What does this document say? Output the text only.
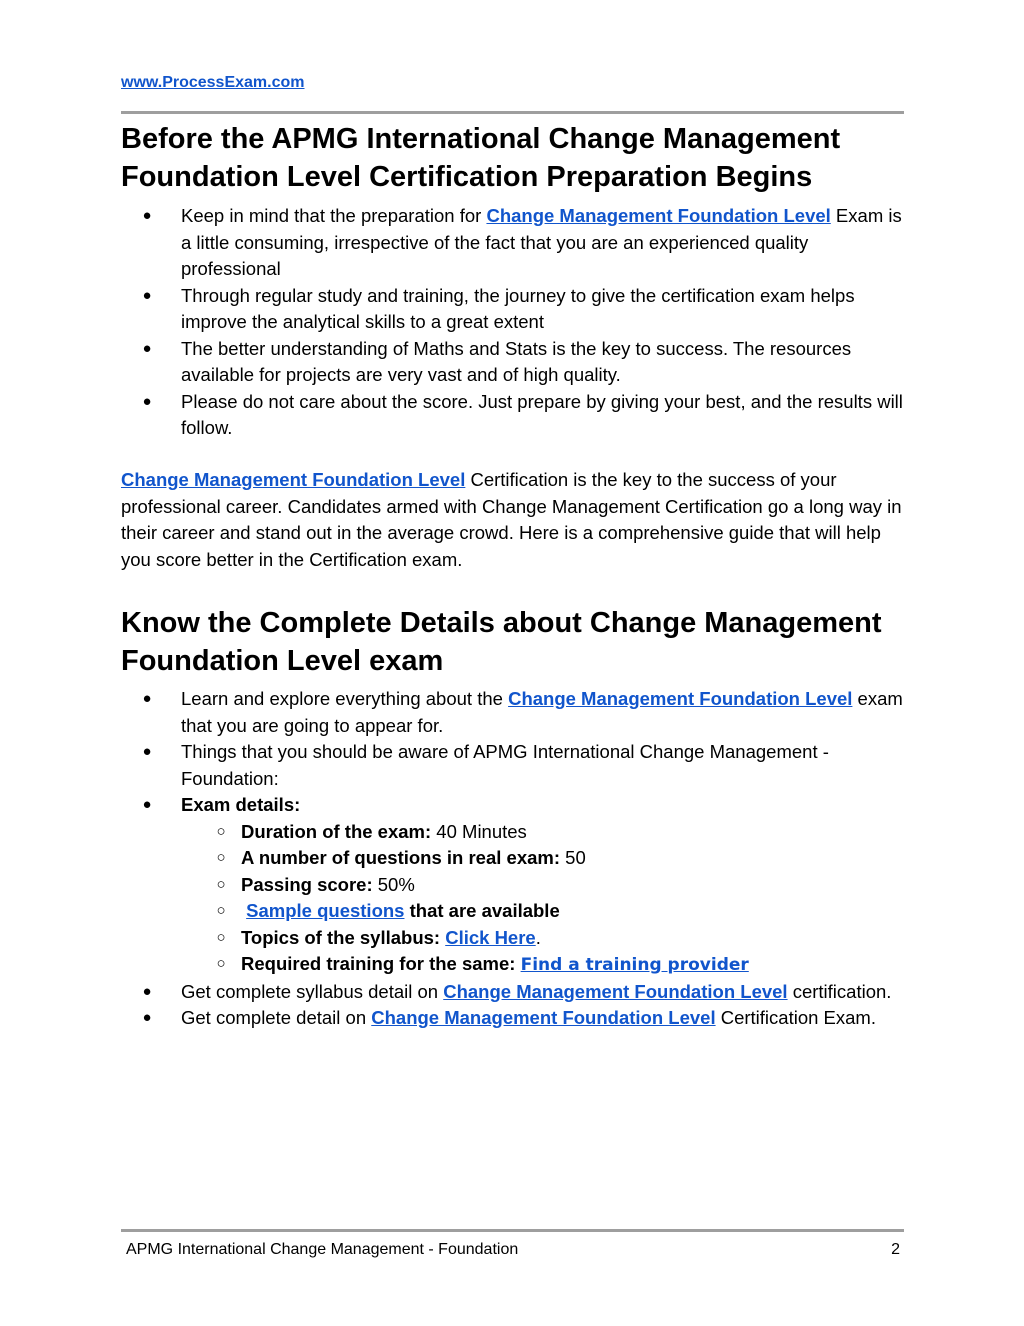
www.ProcessExam.com
Before the APMG International Change Management Foundation Level Certification Preparation Begins
● Keep in mind that the preparation for Change Management Foundation Level Exam is a little consuming, irrespective of the fact that you are an experienced quality professional
● Through regular study and training, the journey to give the certification exam helps improve the analytical skills to a great extent
● The better understanding of Maths and Stats is the key to success. The resources available for projects are very vast and of high quality.
● Please do not care about the score. Just prepare by giving your best, and the results will follow.

Change Management Foundation Level Certification is the key to the success of your professional career. Candidates armed with Change Management Certification go a long way in their career and stand out in the average crowd. Here is a comprehensive guide that will help you score better in the Certification exam.

Know the Complete Details about Change Management Foundation Level exam
● Learn and explore everything about the Change Management Foundation Level exam that you are going to appear for.
● Things that you should be aware of APMG International Change Management - Foundation:
● Exam details:
○ Duration of the exam: 40 Minutes
○ A number of questions in real exam: 50
○ Passing score: 50%
○ Sample questions that are available
○ Topics of the syllabus: Click Here.
○ Required training for the same: Find a training provider
● Get complete syllabus detail on Change Management Foundation Level certification.
● Get complete detail on Change Management Foundation Level Certification Exam.
APMG International Change Management - Foundation	2
